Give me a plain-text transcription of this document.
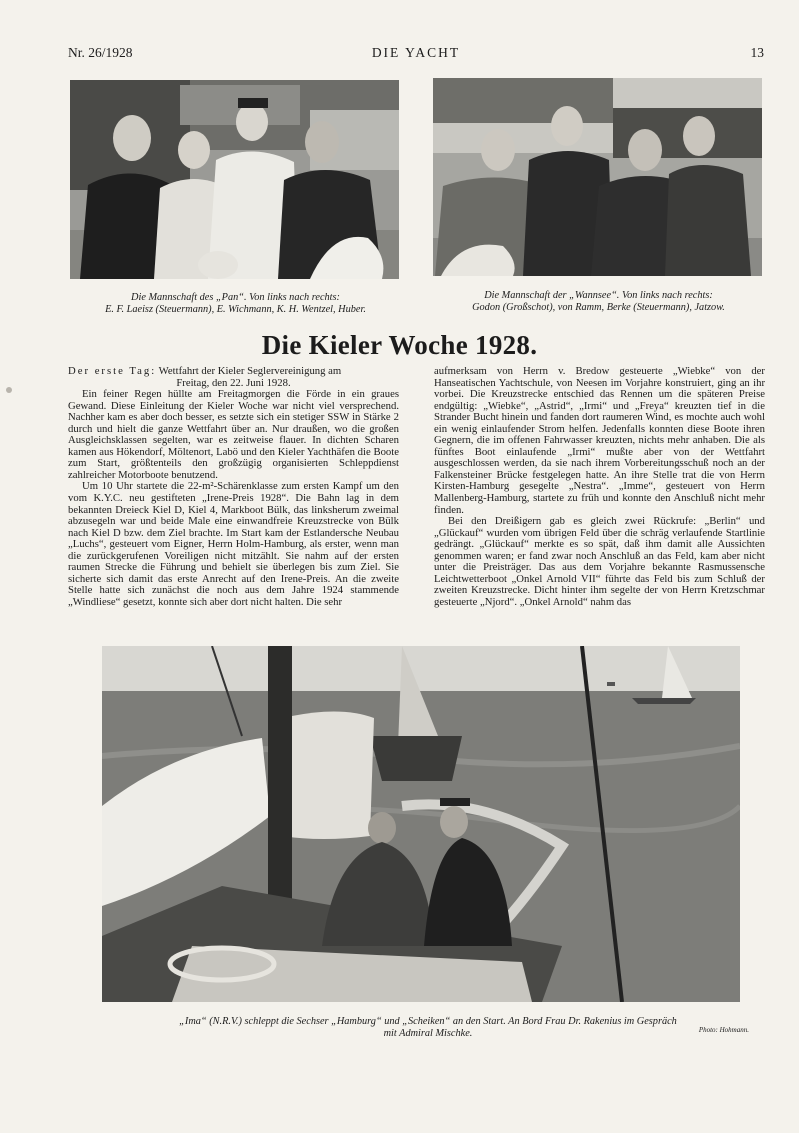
Nr. 26/1928	DIE YACHT	13
Die Mannschaft des „Pan“. Von links nach rechts:
E. F. Laeisz (Steuermann), E. Wichmann, K. H. Wentzel, Huber.
Die Mannschaft der „Wannsee“. Von links nach rechts:
Godon (Großschot), von Ramm, Berke (Steuermann), Jatzow.
Die Kieler Woche 1928.

Der erste Tag: Wettfahrt der Kieler Seglervereinigung am

Freitag, den 22. Juni 1928.

Ein feiner Regen hüllte am Freitagmorgen die Förde in ein graues Gewand. Diese Einleitung der Kieler Woche war nicht viel versprechend. Nachher kam es aber doch besser, es setzte sich ein stetiger SSW in Stärke 2 durch und hielt die ganze Wettfahrt über an. Nur draußen, wo die großen Ausgleichsklassen segelten, war es zeitweise flauer. In dichten Scharen kamen aus Hökendorf, Möltenort, Labö und den Kieler Yachthäfen die Boote zum Start, größtenteils den großzügig organisierten Schleppdienst zahlreicher Motorboote benutzend.

Um 10 Uhr startete die 22-m²-Schärenklasse zum ersten Kampf um den vom K.Y.C. neu gestifteten „Irene-Preis 1928“. Die Bahn lag in dem bekannten Dreieck Kiel D, Kiel 4, Markboot Bülk, das linksherum zweimal abzusegeln war und beide Male eine einwandfreie Kreuzstrecke von Bülk nach Kiel D bzw. dem Ziel brachte. Im Start kam der Estlandersche Neubau „Luchs“, gesteuert vom Eigner, Herrn Holm-Hamburg, als erster, wenn man die zurückgerufenen Voreiligen nicht mitzählt. Sie nahm auf der ersten raumen Strecke die Führung und behielt sie überlegen bis zum Ziel. Sie sicherte sich damit das erste Anrecht auf den Irene-Preis. An die zweite Stelle hatte sich zunächst die noch aus dem Jahre 1924 stammende „Windliese“ gesetzt, konnte sich aber dort nicht halten. Die sehr

aufmerksam von Herrn v. Bredow gesteuerte „Wiebke“ von der Hanseatischen Yachtschule, von Neesen im Vorjahre konstruiert, ging an ihr vorbei. Die Kreuzstrecke entschied das Rennen um die späteren Preise endgültig: „Wiebke“, „Astrid“, „Irmi“ und „Freya“ kreuzten tief in die Strander Bucht hinein und fanden dort raumeren Wind, es mochte auch wohl ein wenig einlaufender Strom helfen. Jedenfalls konnten diese Boote ihren Gegnern, die im offenen Fahrwasser kreuzten, nichts mehr anhaben. Die als fünftes Boot einlaufende „Irmi“ mußte aber von der Wettfahrt ausgeschlossen werden, da sie nach ihrem Vorbereitungsschuß noch an der Falkensteiner Brücke festgelegen hatte. An ihre Stelle trat die von Herrn Kirsten-Hamburg gesegelte „Nestra“. „Imme“, gesteuert von Herrn Mallenberg-Hamburg, startete zu früh und konnte den Anschluß nicht mehr finden.

Bei den Dreißigern gab es gleich zwei Rückrufe: „Berlin“ und „Glückauf“ wurden vom übrigen Feld über die schräg verlaufende Startlinie gedrängt. „Glückauf“ merkte es so spät, daß ihm damit alle Aussichten genommen waren; er fand zwar noch Anschluß an das Feld, kam aber nicht unter die Preisträger. Das aus dem Vorjahre bekannte Rasmussensche Leichtwetterboot „Onkel Arnold VII“ führte das Feld bis zum Schluß der zweiten Kreuzstrecke. Dicht hinter ihm segelte der von Herrn Kretzschmar gesteuerte „Njord“. „Onkel Arnold“ nahm das

„Ima“ (N.R.V.) schleppt die Sechser „Hamburg“ und „Scheiken“ an den Start. An Bord Frau Dr. Rakenius im Gespräch
mit Admiral Mischke.	Photo: Hohmann.
